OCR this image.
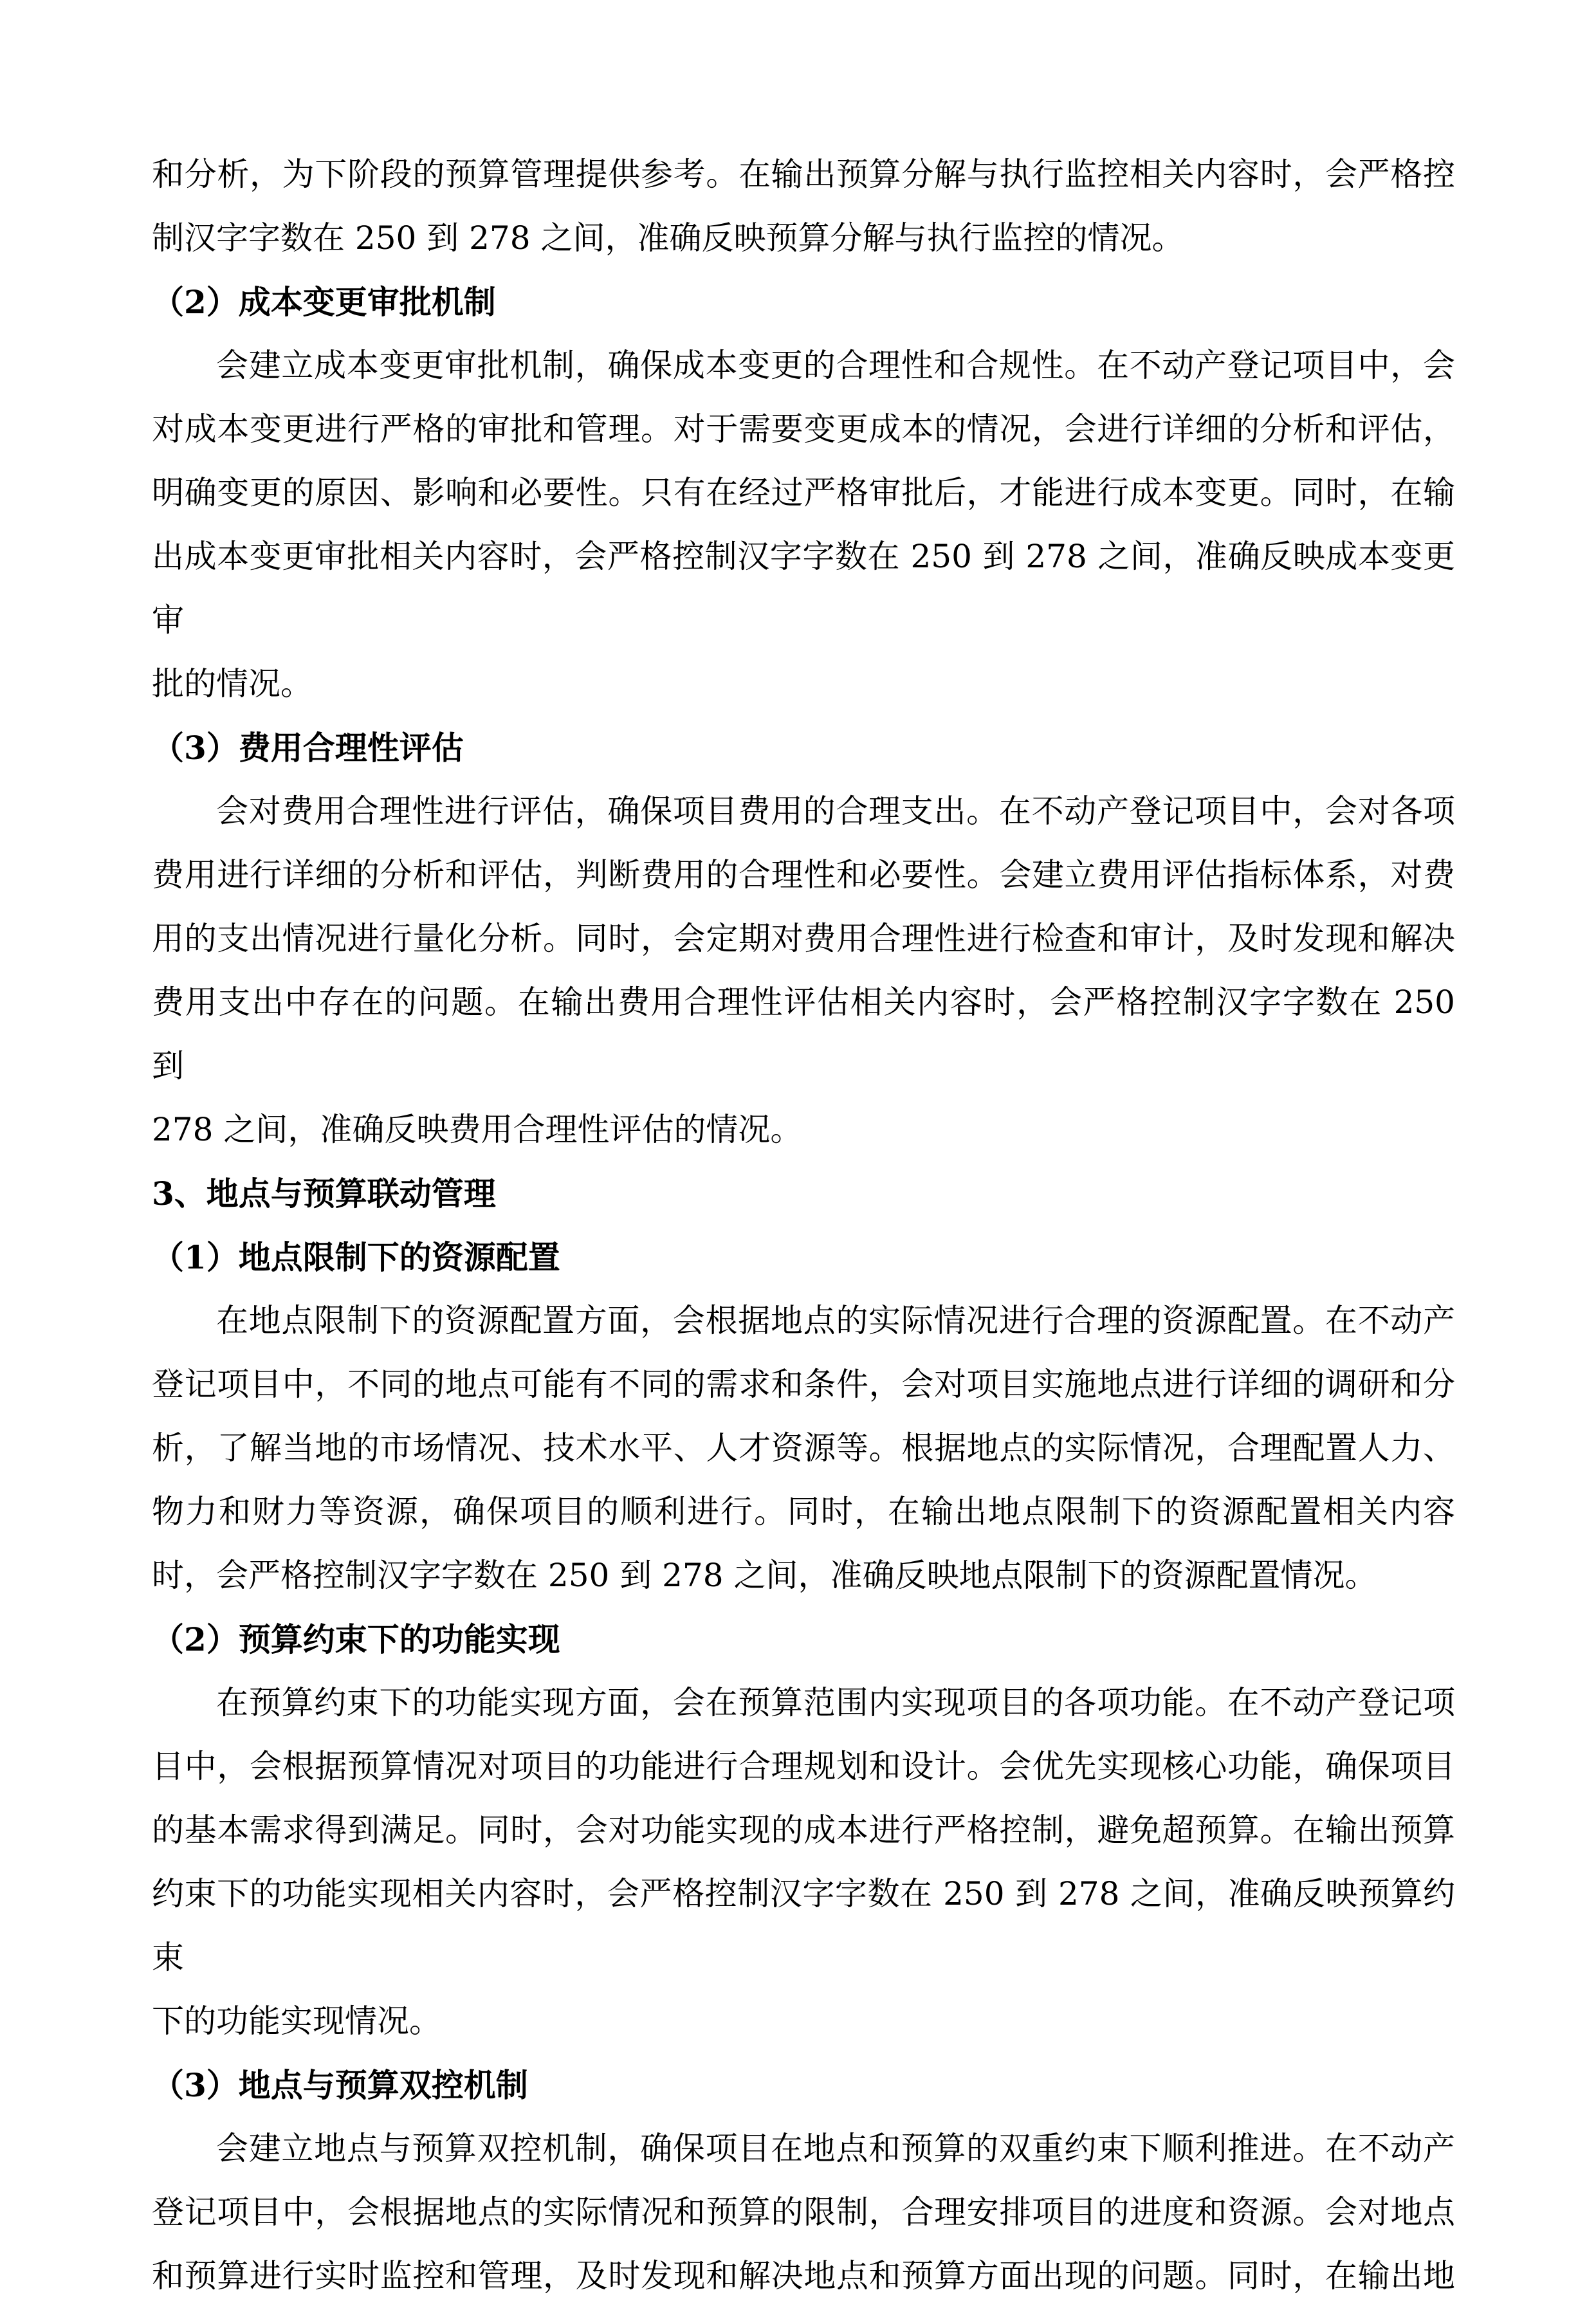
和分析，为下阶段的预算管理提供参考。在输出预算分解与执行监控相关内容时，会严格控
制汉字字数在 250 到 278 之间，准确反映预算分解与执行监控的情况。
（2）成本变更审批机制
会建立成本变更审批机制，确保成本变更的合理性和合规性。在不动产登记项目中，会
对成本变更进行严格的审批和管理。对于需要变更成本的情况，会进行详细的分析和评估，
明确变更的原因、影响和必要性。只有在经过严格审批后，才能进行成本变更。同时，在输
出成本变更审批相关内容时，会严格控制汉字字数在 250 到 278 之间，准确反映成本变更审
批的情况。
（3）费用合理性评估
会对费用合理性进行评估，确保项目费用的合理支出。在不动产登记项目中，会对各项
费用进行详细的分析和评估，判断费用的合理性和必要性。会建立费用评估指标体系，对费
用的支出情况进行量化分析。同时，会定期对费用合理性进行检查和审计，及时发现和解决
费用支出中存在的问题。在输出费用合理性评估相关内容时，会严格控制汉字字数在 250 到
278 之间，准确反映费用合理性评估的情况。
3、地点与预算联动管理
（1）地点限制下的资源配置
在地点限制下的资源配置方面，会根据地点的实际情况进行合理的资源配置。在不动产
登记项目中，不同的地点可能有不同的需求和条件，会对项目实施地点进行详细的调研和分
析，了解当地的市场情况、技术水平、人才资源等。根据地点的实际情况，合理配置人力、
物力和财力等资源，确保项目的顺利进行。同时，在输出地点限制下的资源配置相关内容
时，会严格控制汉字字数在 250 到 278 之间，准确反映地点限制下的资源配置情况。
（2）预算约束下的功能实现
在预算约束下的功能实现方面，会在预算范围内实现项目的各项功能。在不动产登记项
目中，会根据预算情况对项目的功能进行合理规划和设计。会优先实现核心功能，确保项目
的基本需求得到满足。同时，会对功能实现的成本进行严格控制，避免超预算。在输出预算
约束下的功能实现相关内容时，会严格控制汉字字数在 250 到 278 之间，准确反映预算约束
下的功能实现情况。
（3）地点与预算双控机制
会建立地点与预算双控机制，确保项目在地点和预算的双重约束下顺利推进。在不动产
登记项目中，会根据地点的实际情况和预算的限制，合理安排项目的进度和资源。会对地点
和预算进行实时监控和管理，及时发现和解决地点和预算方面出现的问题。同时，在输出地
